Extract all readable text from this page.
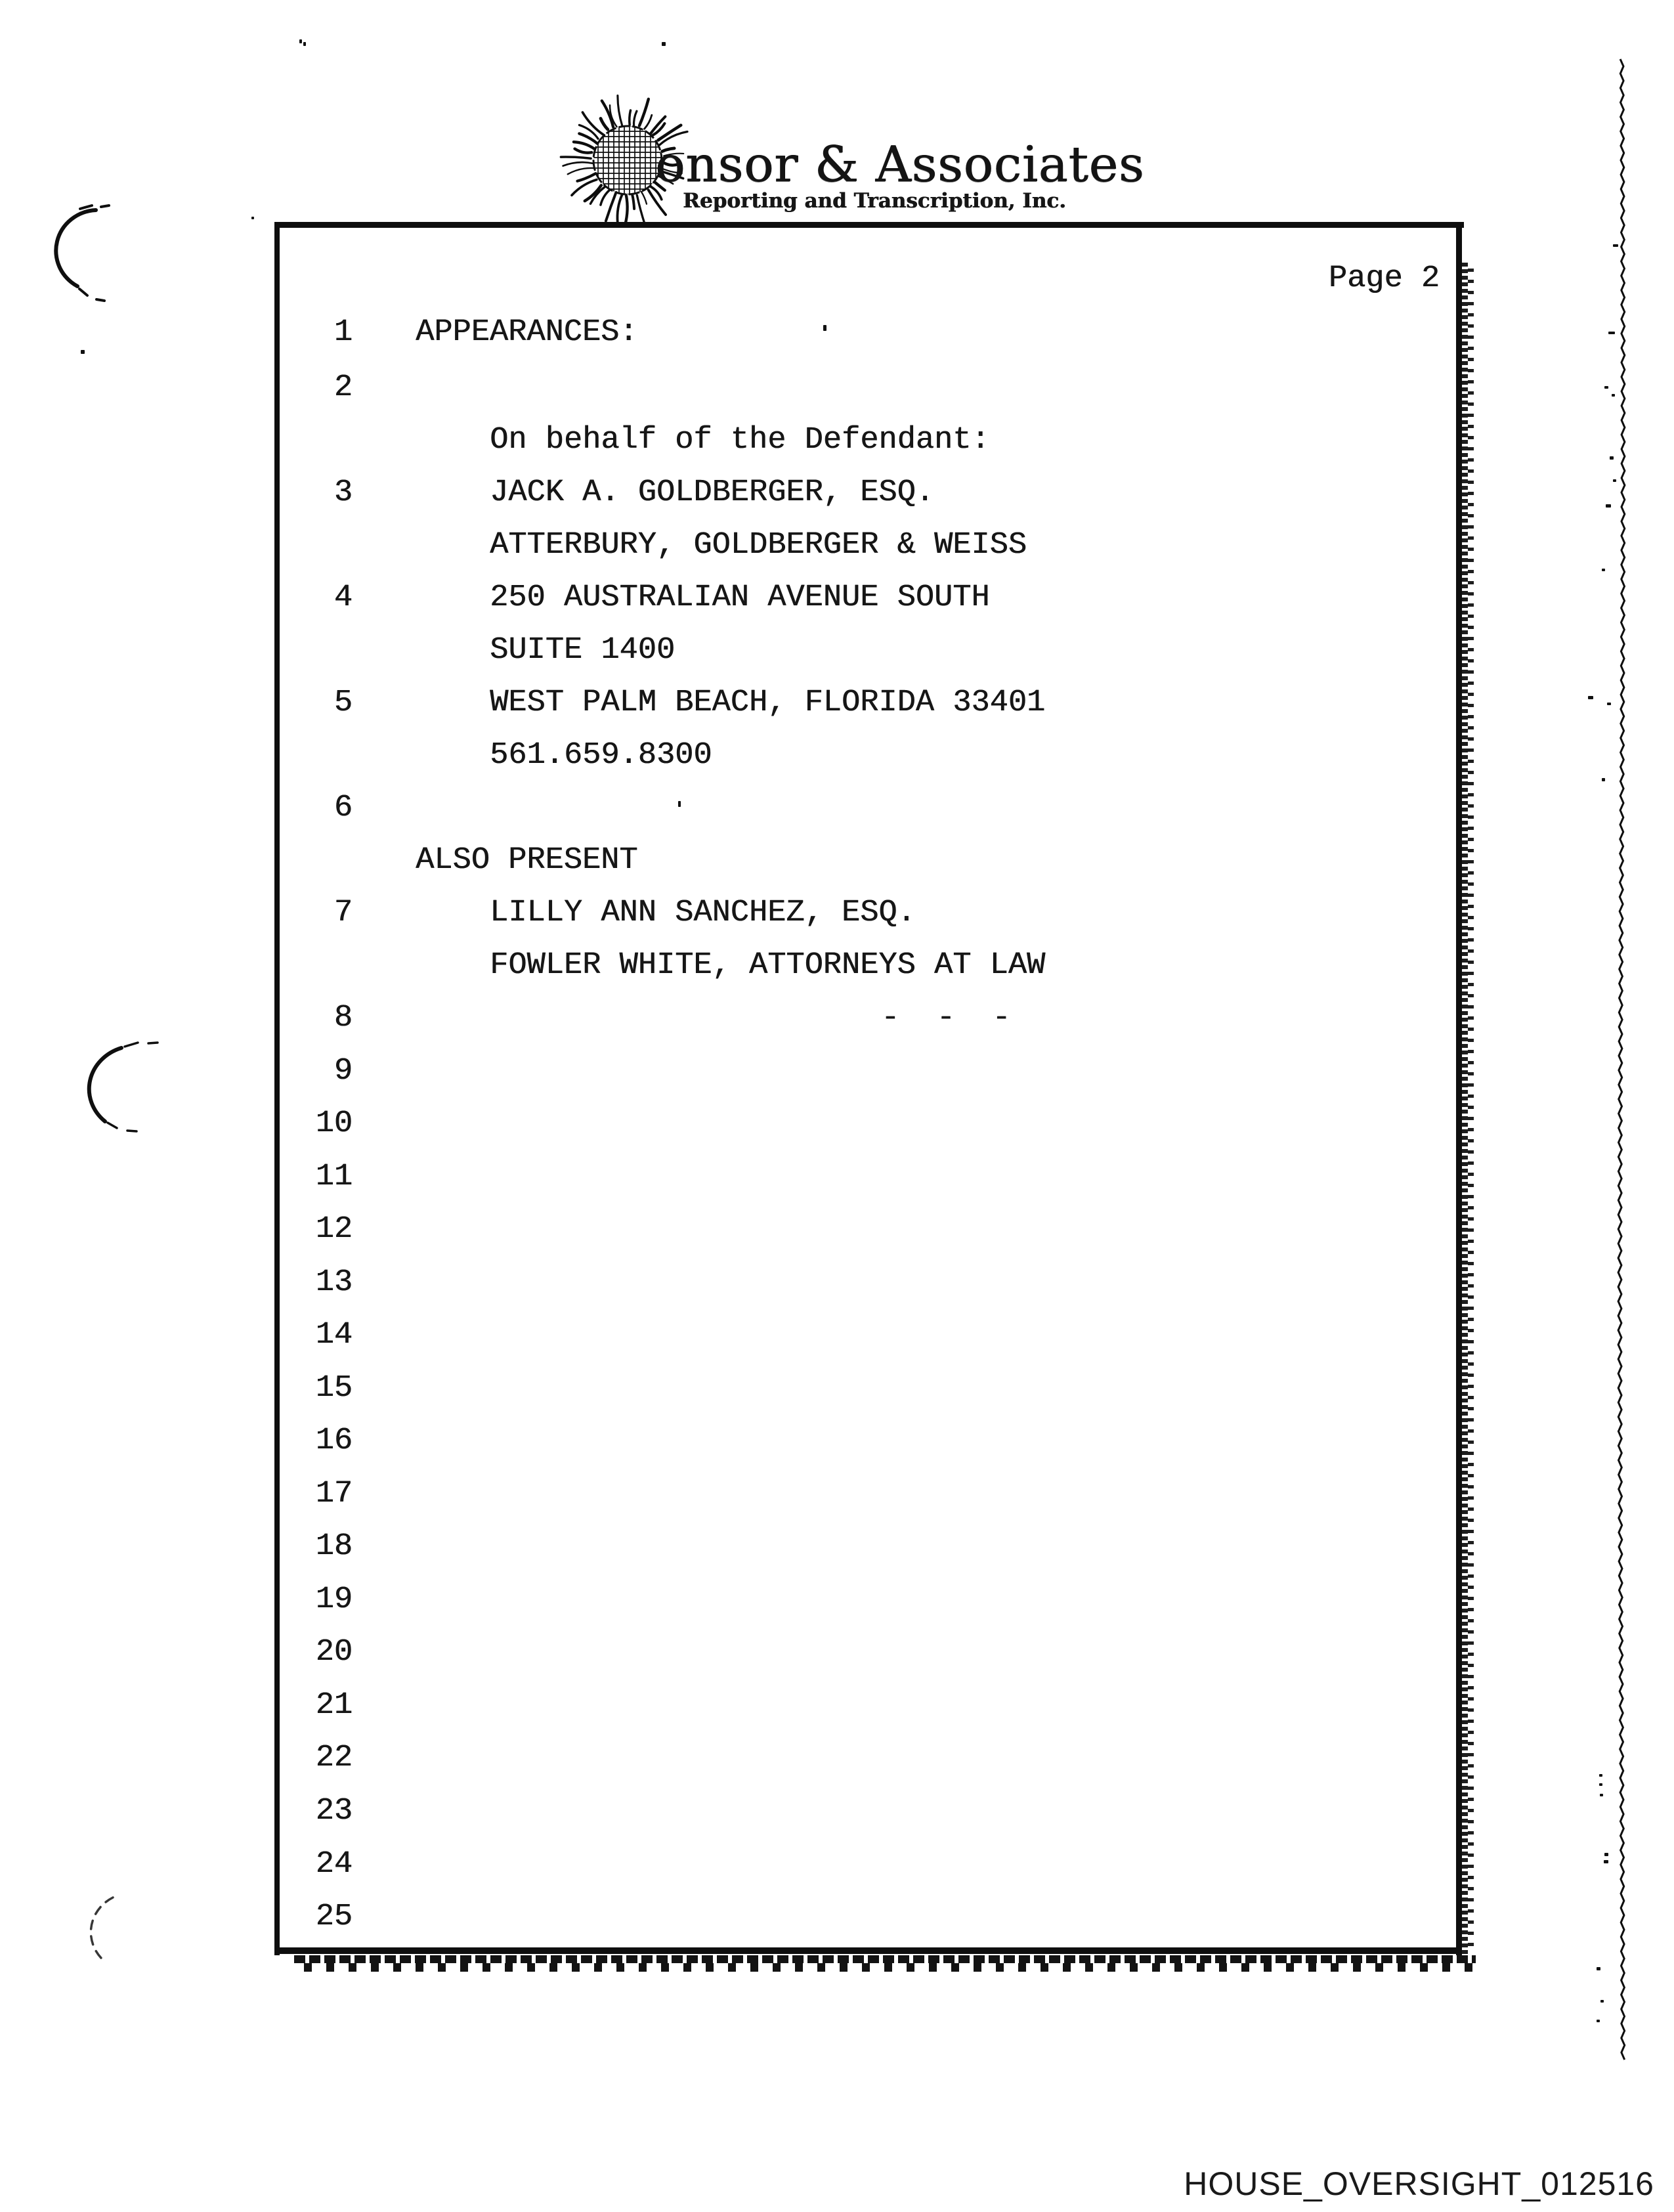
onsor & Associates
Reporting and Transcription, Inc.
Page 2
1 APPEARANCES:
2
On behalf of the Defendant:
3	JACK A. GOLDBERGER, ESQ.
ATTERBURY, GOLDBERGER & WEISS
4	250 AUSTRALIAN AVENUE SOUTH
SUITE 1400
5	WEST PALM BEACH, FLORIDA 33401
561.659.8300
6
ALSO PRESENT
7	LILLY ANN SANCHEZ, ESQ.
FOWLER WHITE, ATTORNEYS AT LAW
8	-  -  -
9
10
11
12
13
14
15
16
17
18
19
20
21
22
23
24
25
HOUSE_OVERSIGHT_012516
